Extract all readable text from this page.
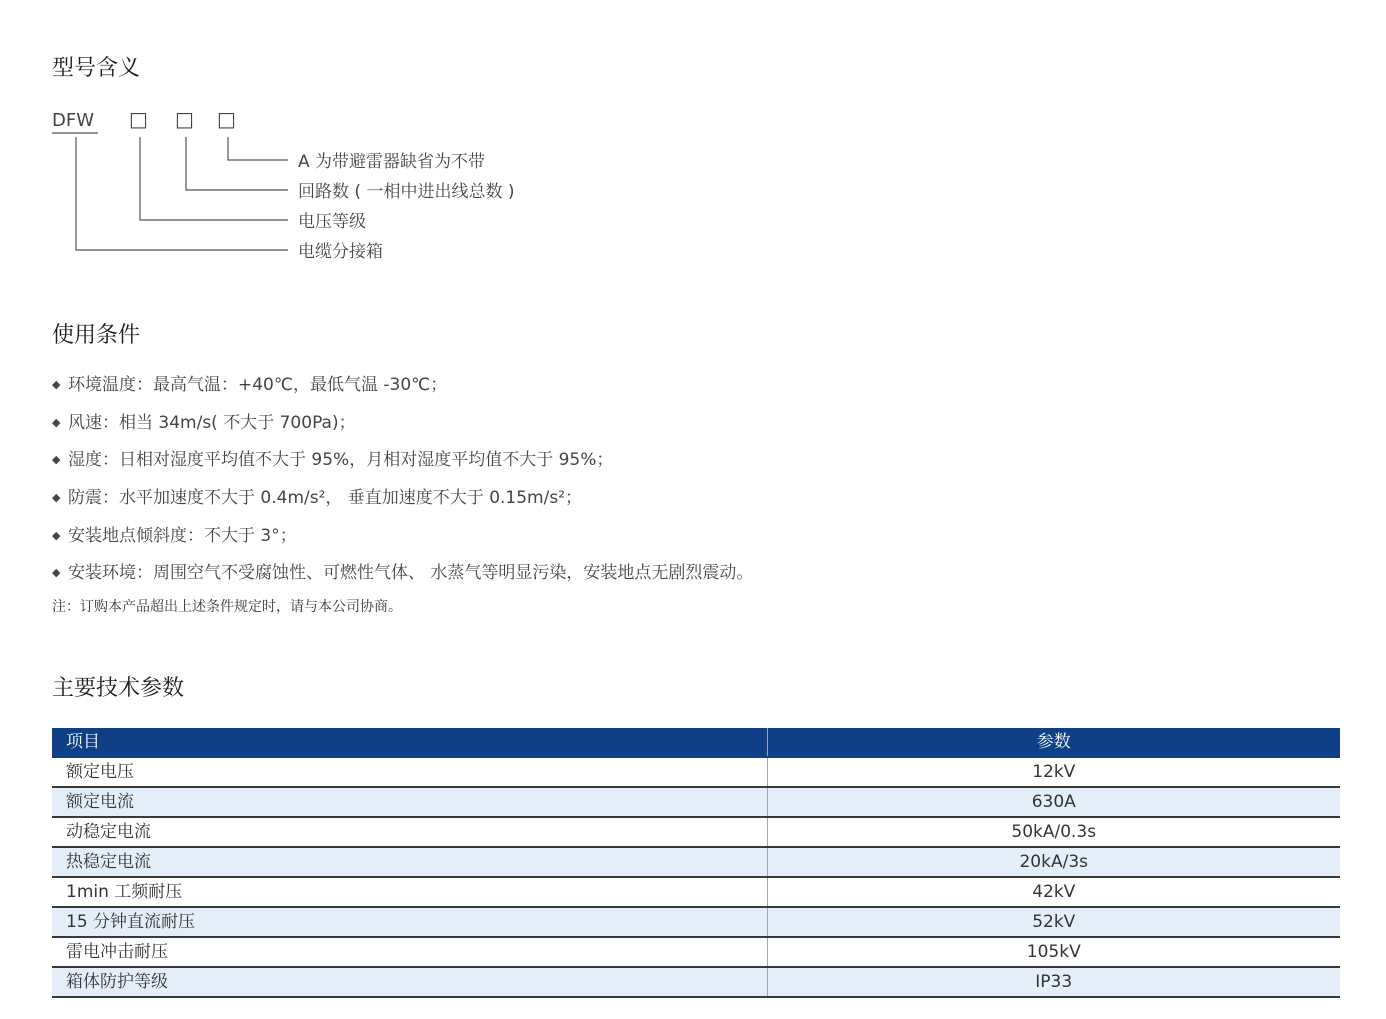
型号含义
DFW □ □ □
A 为带避雷器缺省为不带
回路数 ( 一相中进出线总数 )
电压等级
电缆分接箱
使用条件
◆ 环境温度：最高气温：+40℃，最低气温 -30℃；
◆ 风速：相当 34m/s( 不大于 700Pa)；
◆ 湿度：日相对湿度平均值不大于 95%，月相对湿度平均值不大于 95%；
◆ 防震：水平加速度不大于 0.4m/s²， 垂直加速度不大于 0.15m/s²；
◆ 安装地点倾斜度：不大于 3°；
◆ 安装环境：周围空气不受腐蚀性、可燃性气体、 水蒸气等明显污染，安装地点无剧烈震动。
注：订购本产品超出上述条件规定时，请与本公司协商。
主要技术参数
项目	参数
额定电压	12kV
额定电流	630A
动稳定电流	50kA/0.3s
热稳定电流	20kA/3s
1min 工频耐压	42kV
15 分钟直流耐压	52kV
雷电冲击耐压	105kV
箱体防护等级	IP33
